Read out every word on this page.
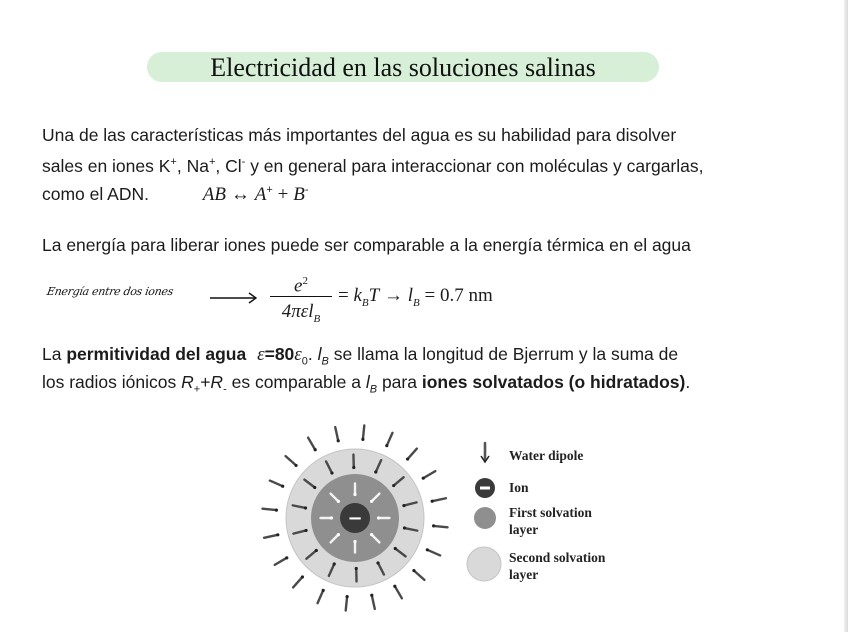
Electricidad en las soluciones salinas
Una de las características más importantes del agua es su habilidad para disolver
sales en iones K+, Na+, Cl- y en general para interaccionar con moléculas y cargarlas,
como el ADN.	AB ↔ A+ + B-
La energía para liberar iones puede ser comparable a la energía térmica en el agua
Energía entre dos iones	$e^2$
4πεl$_B$
= $k_BT \to l_B = 0.7$ nm
La permitividad del agua $\varepsilon=80\varepsilon_0$. $l_B$ se llama la longitud de Bjerrum y la suma de
los radios iónicos $R_++R_-$ es comparable a $l_B$ para iones solvatados (o hidratados).
−
Water dipole
Ion
First solvation
layer
Second solvation
layer
